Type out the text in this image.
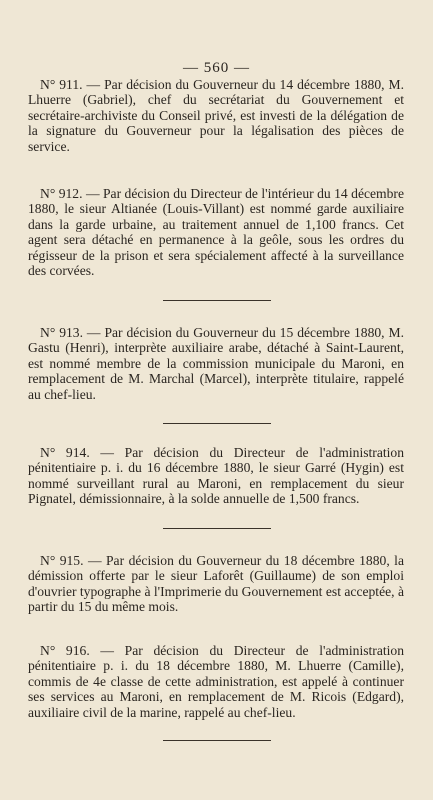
— 560 —

N° 911. — Par décision du Gouverneur du 14 décembre 1880, M. Lhuerre (Gabriel), chef du secrétariat du Gouvernement et secrétaire-archiviste du Conseil privé, est investi de la délégation de la signature du Gouverneur pour la légalisation des pièces de service.

N° 912. — Par décision du Directeur de l'intérieur du 14 décembre 1880, le sieur Altianée (Louis-Villant) est nommé garde auxiliaire dans la garde urbaine, au traitement annuel de 1,100 francs. Cet agent sera détaché en permanence à la geôle, sous les ordres du régisseur de la prison et sera spécialement affecté à la surveillance des corvées.

N° 913. — Par décision du Gouverneur du 15 décembre 1880, M. Gastu (Henri), interprète auxiliaire arabe, détaché à Saint-Laurent, est nommé membre de la commission municipale du Maroni, en remplacement de M. Marchal (Marcel), interprète titulaire, rappelé au chef-lieu.

N° 914. — Par décision du Directeur de l'administration pénitentiaire p. i. du 16 décembre 1880, le sieur Garré (Hygin) est nommé surveillant rural au Maroni, en remplacement du sieur Pignatel, démissionnaire, à la solde annuelle de 1,500 francs.

N° 915. — Par décision du Gouverneur du 18 décembre 1880, la démission offerte par le sieur Laforêt (Guillaume) de son emploi d'ouvrier typographe à l'Imprimerie du Gouvernement est acceptée, à partir du 15 du même mois.

N° 916. — Par décision du Directeur de l'administration pénitentiaire p. i. du 18 décembre 1880, M. Lhuerre (Camille), commis de 4e classe de cette administration, est appelé à continuer ses services au Maroni, en remplacement de M. Ricois (Edgard), auxiliaire civil de la marine, rappelé au chef-lieu.
